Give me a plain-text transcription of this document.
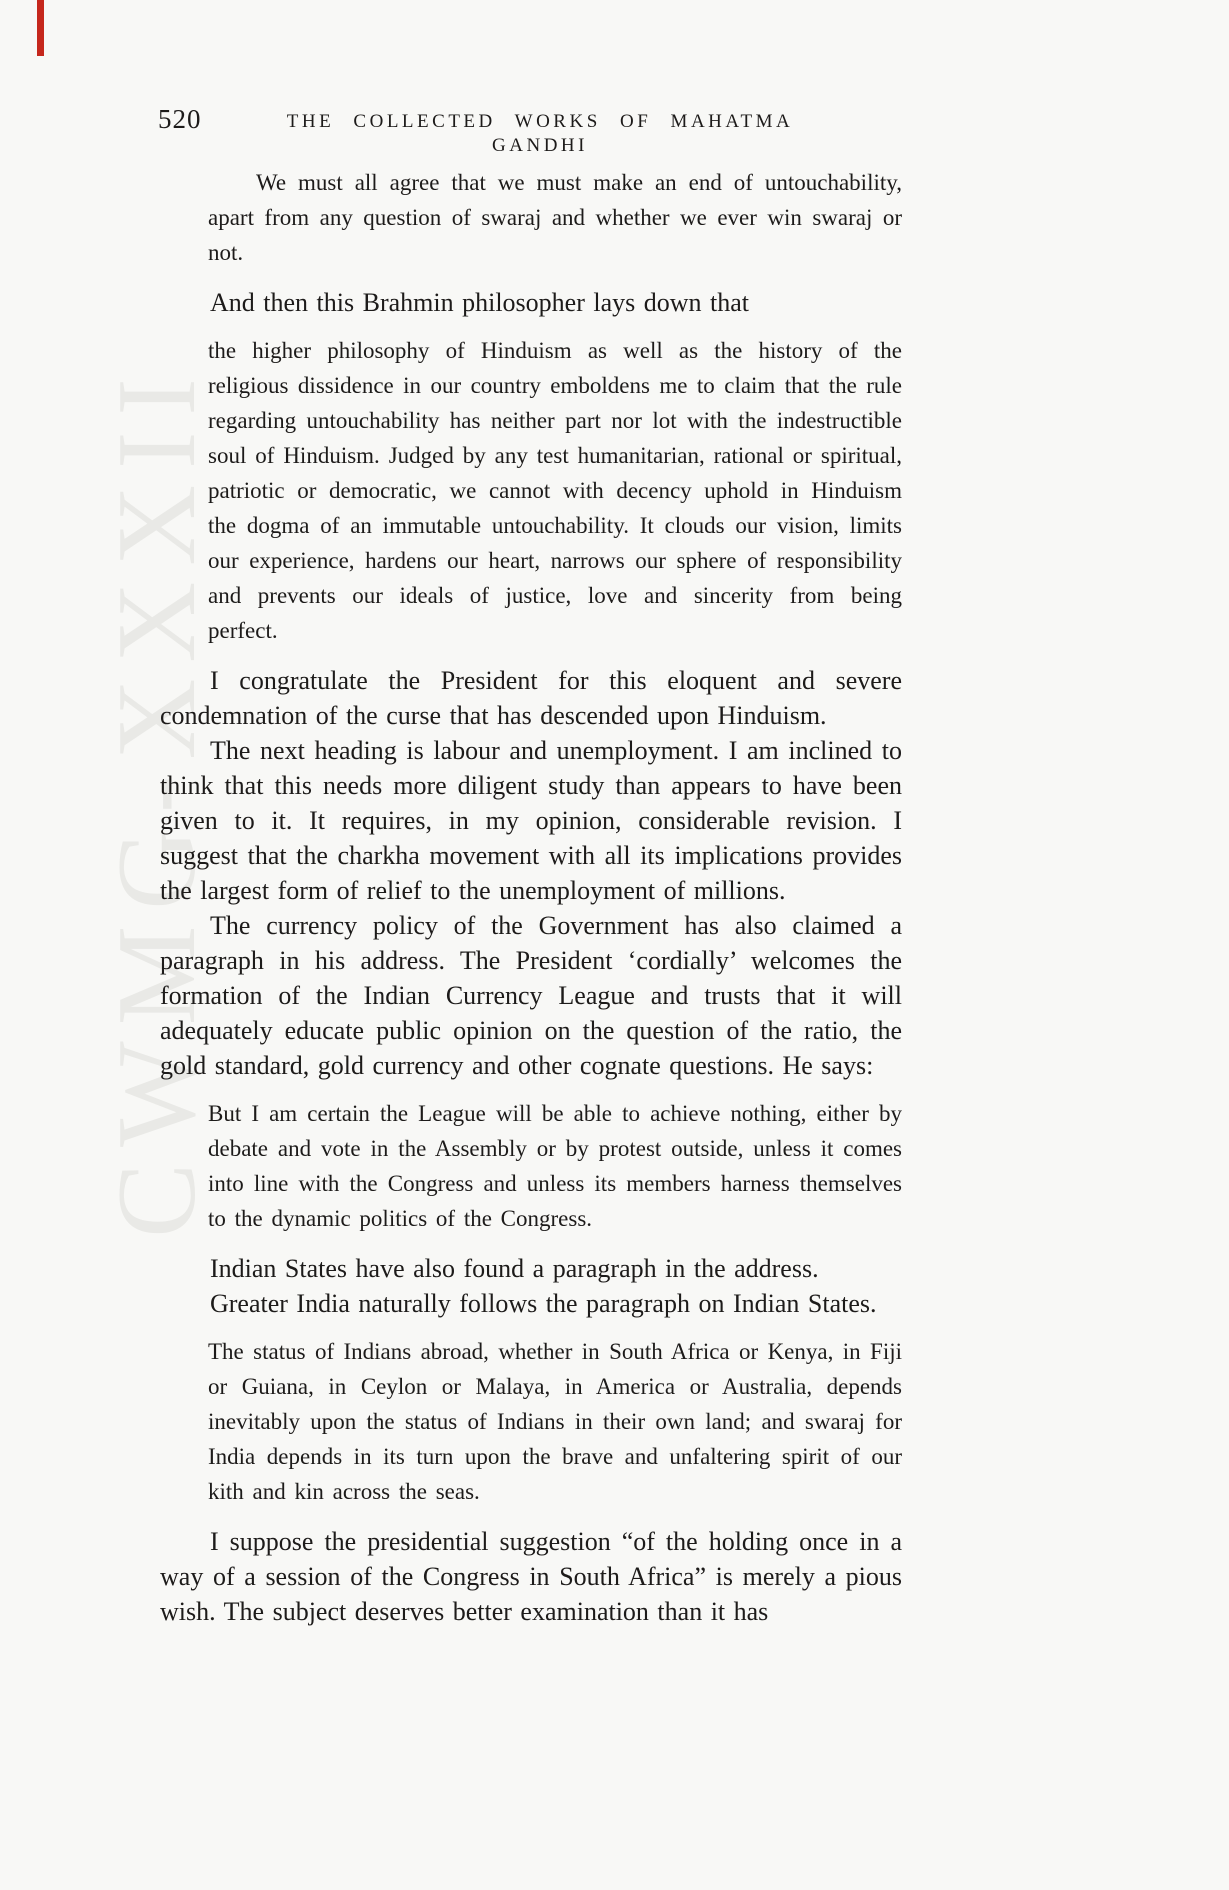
CWMG-XXXII
520	THE COLLECTED WORKS OF MAHATMA GANDHI

We must all agree that we must make an end of untouchability, apart from any question of swaraj and whether we ever win swaraj or not.

And then this Brahmin philosopher lays down that

the higher philosophy of Hinduism as well as the history of the religious dissidence in our country emboldens me to claim that the rule regarding untouchability has neither part nor lot with the indestructible soul of Hinduism. Judged by any test humanitarian, rational or spiritual, patriotic or democratic, we cannot with decency uphold in Hinduism the dogma of an immutable untouchability. It clouds our vision, limits our experience, hardens our heart, narrows our sphere of responsibility and prevents our ideals of justice, love and sincerity from being perfect.

I congratulate the President for this eloquent and severe condemnation of the curse that has descended upon Hinduism.

The next heading is labour and unemployment. I am inclined to think that this needs more diligent study than appears to have been given to it. It requires, in my opinion, considerable revision. I suggest that the charkha movement with all its implications provides the largest form of relief to the unemployment of millions.

The currency policy of the Government has also claimed a paragraph in his address. The President ‘cordially’ welcomes the formation of the Indian Currency League and trusts that it will adequately educate public opinion on the question of the ratio, the gold standard, gold currency and other cognate questions. He says:

But I am certain the League will be able to achieve nothing, either by debate and vote in the Assembly or by protest outside, unless it comes into line with the Congress and unless its members harness themselves to the dynamic politics of the Congress.

Indian States have also found a paragraph in the address.

Greater India naturally follows the paragraph on Indian States.

The status of Indians abroad, whether in South Africa or Kenya, in Fiji or Guiana, in Ceylon or Malaya, in America or Australia, depends inevitably upon the status of Indians in their own land; and swaraj for India depends in its turn upon the brave and unfaltering spirit of our kith and kin across the seas.

I suppose the presidential suggestion “of the holding once in a way of a session of the Congress in South Africa” is merely a pious wish. The subject deserves better examination than it has
